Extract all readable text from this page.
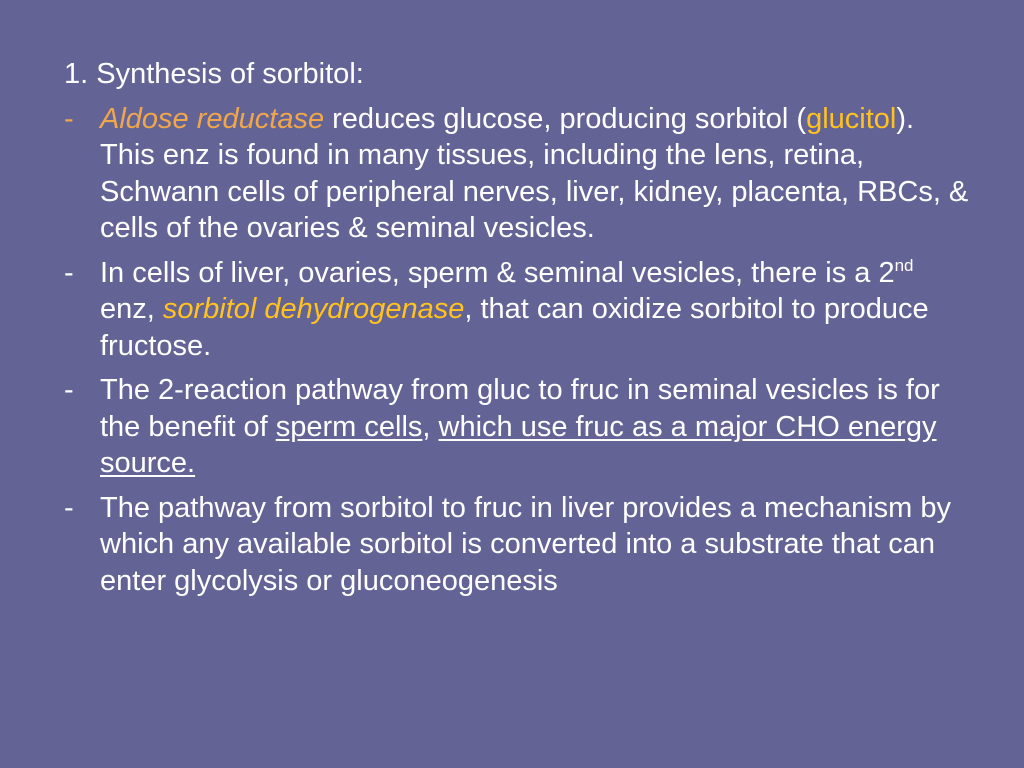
1. Synthesis of sorbitol:
- Aldose reductase reduces glucose, producing sorbitol (glucitol). This enz is found in many tissues, including the lens, retina, Schwann cells of peripheral nerves, liver, kidney, placenta, RBCs, & cells of the ovaries & seminal vesicles.
- In cells of liver, ovaries, sperm & seminal vesicles, there is a 2nd enz, sorbitol dehydrogenase, that can oxidize sorbitol to produce fructose.
- The 2-reaction pathway from gluc to fruc in seminal vesicles is for the benefit of sperm cells, which use fruc as a major CHO energy source.
- The pathway from sorbitol to fruc in liver provides a mechanism by which any available sorbitol is converted into a substrate that can enter glycolysis or gluconeogenesis
